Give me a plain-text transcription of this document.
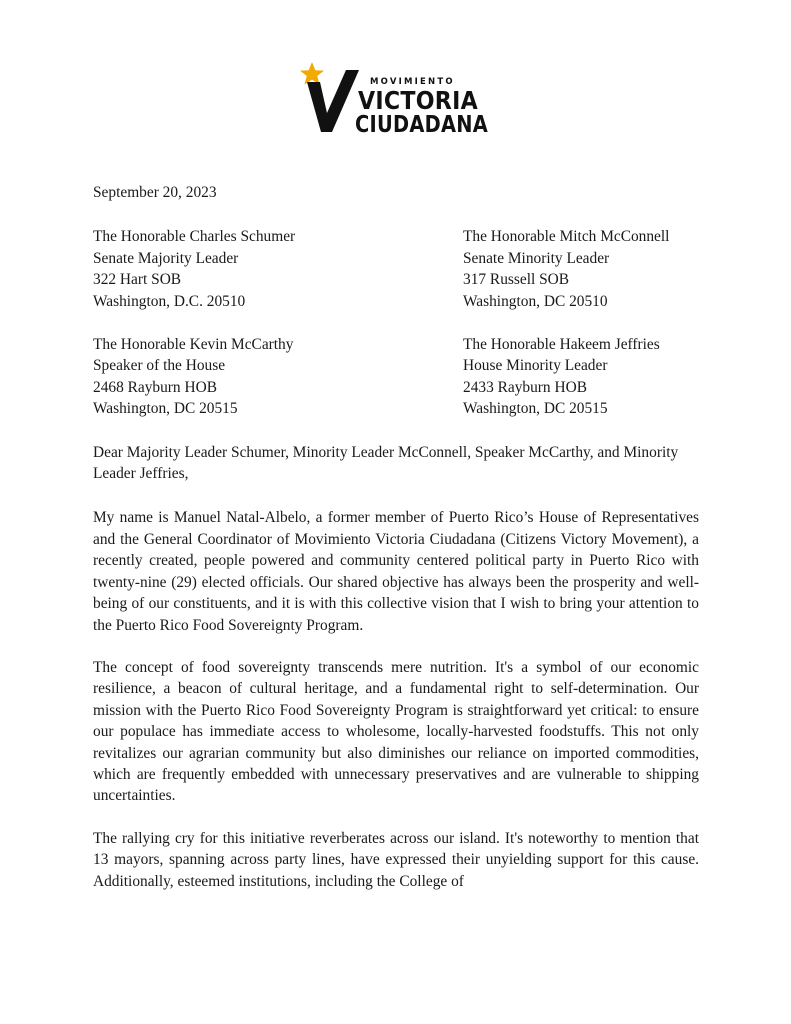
MOVIMIENTO
VICTORIA
CIUDADANA
September 20, 2023
The Honorable Charles Schumer
Senate Majority Leader
322 Hart SOB
Washington, D.C. 20510
The Honorable Mitch McConnell
Senate Minority Leader
317 Russell SOB
Washington, DC 20510
The Honorable Kevin McCarthy
Speaker of the House
2468 Rayburn HOB
Washington, DC 20515
The Honorable Hakeem Jeffries
House Minority Leader
2433 Rayburn HOB
Washington, DC 20515
Dear Majority Leader Schumer, Minority Leader McConnell, Speaker McCarthy, and Minority Leader Jeffries,

My name is Manuel Natal-Albelo, a former member of Puerto Rico’s House of Representatives and the General Coordinator of Movimiento Victoria Ciudadana (Citizens Victory Movement), a recently created, people powered and community centered political party in Puerto Rico with twenty-nine (29) elected officials. Our shared objective has always been the prosperity and well-being of our constituents, and it is with this collective vision that I wish to bring your attention to the Puerto Rico Food Sovereignty Program.

The concept of food sovereignty transcends mere nutrition. It's a symbol of our economic resilience, a beacon of cultural heritage, and a fundamental right to self-determination. Our mission with the Puerto Rico Food Sovereignty Program is straightforward yet critical: to ensure our populace has immediate access to wholesome, locally-harvested foodstuffs. This not only revitalizes our agrarian community but also diminishes our reliance on imported commodities, which are frequently embedded with unnecessary preservatives and are vulnerable to shipping uncertainties.

The rallying cry for this initiative reverberates across our island. It's noteworthy to mention that 13 mayors, spanning across party lines, have expressed their unyielding support for this cause. Additionally, esteemed institutions, including the College of
